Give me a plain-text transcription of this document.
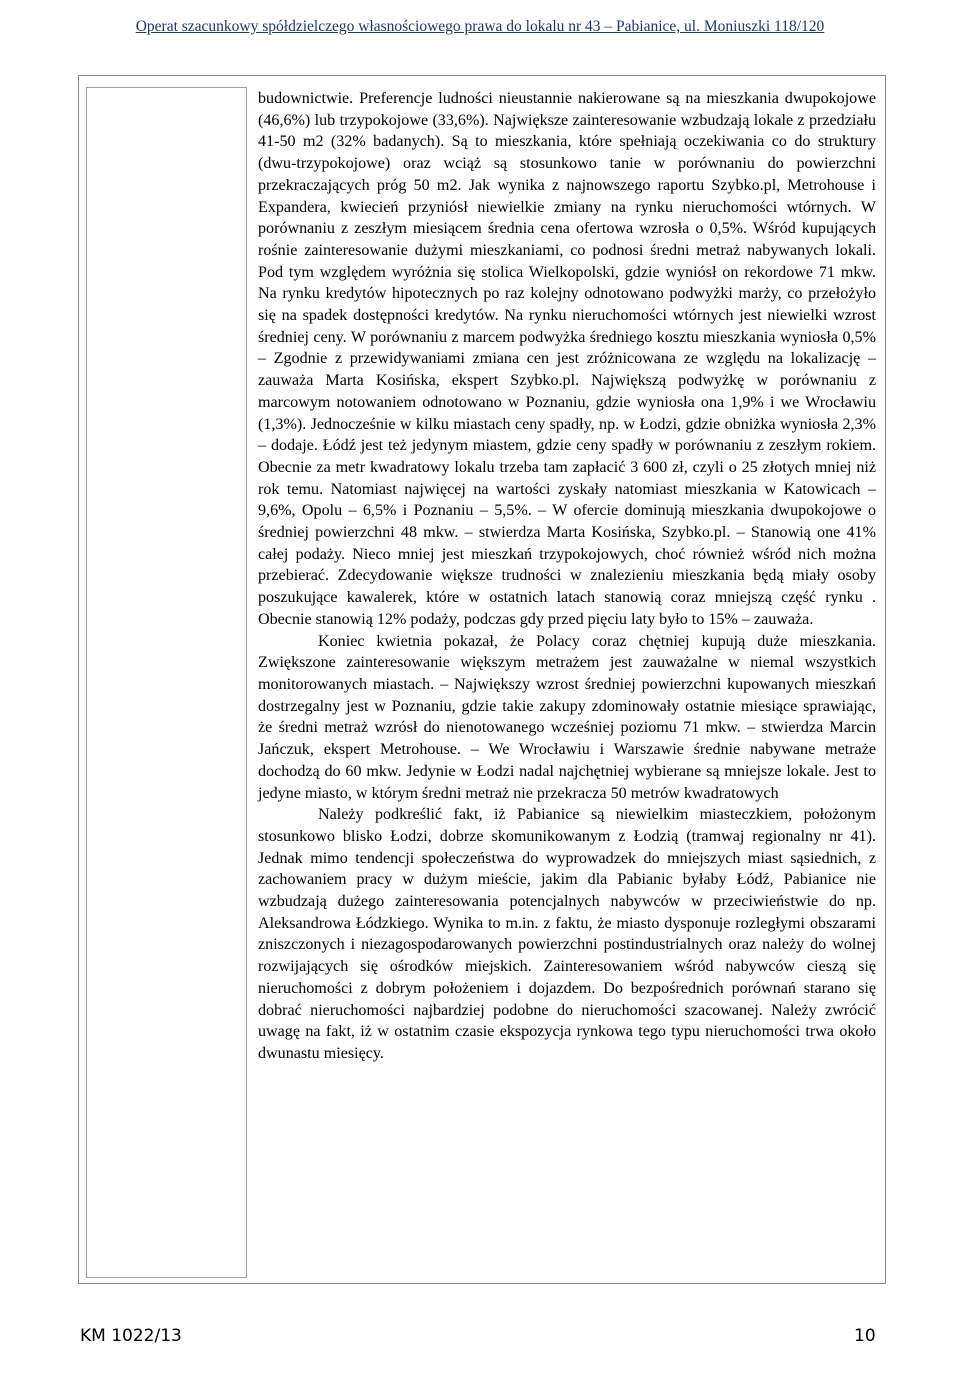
Operat szacunkowy spółdzielczego własnościowego prawa do lokalu nr 43 – Pabianice, ul. Moniuszki 118/120

budownictwie. Preferencje ludności nieustannie nakierowane są na mieszkania dwupokojowe (46,6%) lub trzypokojowe (33,6%). Największe zainteresowanie wzbudzają lokale z przedziału 41-50 m2 (32% badanych). Są to mieszkania, które spełniają oczekiwania co do struktury (dwu-trzypokojowe) oraz wciąż są stosunkowo tanie w porównaniu do powierzchni przekraczających próg 50 m2. Jak wynika z najnowszego raportu Szybko.pl, Metrohouse i Expandera, kwiecień przyniósł niewielkie zmiany na rynku nieruchomości wtórnych. W porównaniu z zeszłym miesiącem średnia cena ofertowa wzrosła o 0,5%. Wśród kupujących rośnie zainteresowanie dużymi mieszkaniami, co podnosi średni metraż nabywanych lokali. Pod tym względem wyróżnia się stolica Wielkopolski, gdzie wyniósł on rekordowe 71 mkw. Na rynku kredytów hipotecznych po raz kolejny odnotowano podwyżki marży, co przełożyło się na spadek dostępności kredytów. Na rynku nieruchomości wtórnych jest niewielki wzrost średniej ceny. W porównaniu z marcem podwyżka średniego kosztu mieszkania wyniosła 0,5% – Zgodnie z przewidywaniami zmiana cen jest zróżnicowana ze względu na lokalizację – zauważa Marta Kosińska, ekspert Szybko.pl. Największą podwyżkę w porównaniu z marcowym notowaniem odnotowano w Poznaniu, gdzie wyniosła ona 1,9% i we Wrocławiu (1,3%). Jednocześnie w kilku miastach ceny spadły, np. w Łodzi, gdzie obniżka wyniosła 2,3% – dodaje. Łódź jest też jedynym miastem, gdzie ceny spadły w porównaniu z zeszłym rokiem. Obecnie za metr kwadratowy lokalu trzeba tam zapłacić 3 600 zł, czyli o 25 złotych mniej niż rok temu. Natomiast najwięcej na wartości zyskały natomiast mieszkania w Katowicach – 9,6%, Opolu – 6,5% i Poznaniu – 5,5%. – W ofercie dominują mieszkania dwupokojowe o średniej powierzchni 48 mkw. – stwierdza Marta Kosińska, Szybko.pl. – Stanowią one 41% całej podaży. Nieco mniej jest mieszkań trzypokojowych, choć również wśród nich można przebierać. Zdecydowanie większe trudności w znalezieniu mieszkania będą miały osoby poszukujące kawalerek, które w ostatnich latach stanowią coraz mniejszą część rynku . Obecnie stanowią 12% podaży, podczas gdy przed pięciu laty było to 15% – zauważa.

Koniec kwietnia pokazał, że Polacy coraz chętniej kupują duże mieszkania. Zwiększone zainteresowanie większym metrażem jest zauważalne w niemal wszystkich monitorowanych miastach. – Największy wzrost średniej powierzchni kupowanych mieszkań dostrzegalny jest w Poznaniu, gdzie takie zakupy zdominowały ostatnie miesiące sprawiając, że średni metraż wzrósł do nienotowanego wcześniej poziomu 71 mkw. – stwierdza Marcin Jańczuk, ekspert Metrohouse. – We Wrocławiu i Warszawie średnie nabywane metraże dochodzą do 60 mkw. Jedynie w Łodzi nadal najchętniej wybierane są mniejsze lokale. Jest to jedyne miasto, w którym średni metraż nie przekracza 50 metrów kwadratowych

Należy podkreślić fakt, iż Pabianice są niewielkim miasteczkiem, położonym stosunkowo blisko Łodzi, dobrze skomunikowanym z Łodzią (tramwaj regionalny nr 41). Jednak mimo tendencji społeczeństwa do wyprowadzek do mniejszych miast sąsiednich, z zachowaniem pracy w dużym mieście, jakim dla Pabianic byłaby Łódź, Pabianice nie wzbudzają dużego zainteresowania potencjalnych nabywców w przeciwieństwie do np. Aleksandrowa Łódzkiego. Wynika to m.in. z faktu, że miasto dysponuje rozległymi obszarami zniszczonych i niezagospodarowanych powierzchni postindustrialnych oraz należy do wolnej rozwijających się ośrodków miejskich. Zainteresowaniem wśród nabywców cieszą się nieruchomości z dobrym położeniem i dojazdem. Do bezpośrednich porównań starano się dobrać nieruchomości najbardziej podobne do nieruchomości szacowanej. Należy zwrócić uwagę na fakt, iż w ostatnim czasie ekspozycja rynkowa tego typu nieruchomości trwa około dwunastu miesięcy.

KM 1022/13	10
